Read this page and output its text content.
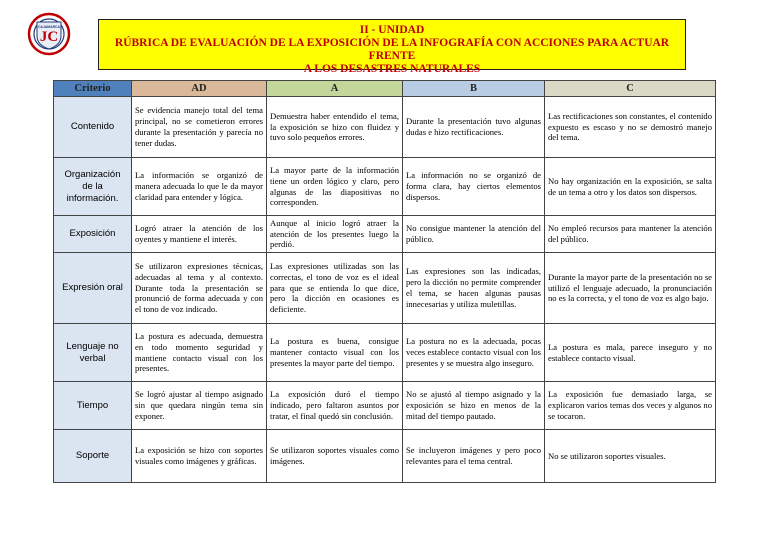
JC
CAJAMARCA	II - UNIDAD
RÚBRICA DE EVALUACIÓN DE LA EXPOSICIÓN DE LA INFOGRAFÍA CON ACCIONES PARA ACTUAR FRENTE
A LOS DESASTRES NATURALES
Criterio	AD	A	B	C
Contenido	Se evidencia manejo total del tema principal, no se cometieron errores durante la presentación y parecía no tener dudas.	Demuestra haber entendido el tema, la exposición se hizo con fluidez y tuvo solo pequeños errores.	Durante la presentación tuvo algunas dudas e hizo rectificaciones.	Las rectificaciones son constantes, el contenido expuesto es escaso y no se demostró manejo del tema.
Organización de la información.	La información se organizó de manera adecuada lo que le da mayor claridad para entender y lógica.	La mayor parte de la información tiene un orden lógico y claro, pero algunas de las diapositivas no corresponden.	La información no se organizó de forma clara, hay ciertos elementos dispersos.	No hay organización en la exposición, se salta de un tema a otro y los datos son dispersos.
Exposición	Logró atraer la atención de los oyentes y mantiene el interés.	Aunque al inicio logró atraer la atención de los presentes luego la perdió.	No consigue mantener la atención del público.	No empleó recursos para mantener la atención del público.
Expresión oral	Se utilizaron expresiones técnicas, adecuadas al tema y al contexto. Durante toda la presentación se pronunció de forma adecuada y con el tono de voz indicado.	Las expresiones utilizadas son las correctas, el tono de voz es el ideal para que se entienda lo que dice, pero la dicción en ocasiones es deficiente.	Las expresiones son las indicadas, pero la dicción no permite comprender el tema, se hacen algunas pausas innecesarias y utiliza muletillas.	Durante la mayor parte de la presentación no se utilizó el lenguaje adecuado, la pronunciación no es la correcta, y el tono de voz es algo bajo.
Lenguaje no verbal	La postura es adecuada, demuestra en todo momento seguridad y mantiene contacto visual con los presentes.	La postura es buena, consigue mantener contacto visual con los presentes la mayor parte del tiempo.	La postura no es la adecuada, pocas veces establece contacto visual con los presentes y se muestra algo inseguro.	La postura es mala, parece inseguro y no establece contacto visual.
Tiempo	Se logró ajustar al tiempo asignado sin que quedara ningún tema sin exponer.	La exposición duró el tiempo indicado, pero faltaron asuntos por tratar, el final quedó sin conclusión.	No se ajustó al tiempo asignado y la exposición se hizo en menos de la mitad del tiempo pautado.	La exposición fue demasiado larga, se explicaron varios temas dos veces y algunos no se tocaron.
Soporte	La exposición se hizo con soportes visuales como imágenes y gráficas.	Se utilizaron soportes visuales como imágenes.	Se incluyeron imágenes y pero poco relevantes para el tema central.	No se utilizaron soportes visuales.
